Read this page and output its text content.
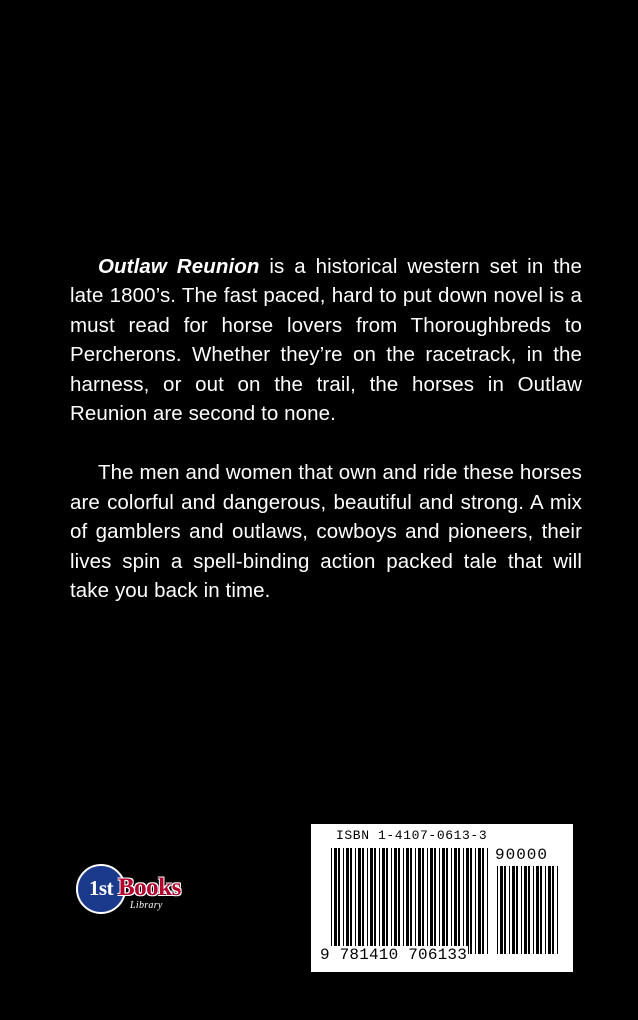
Outlaw Reunion is a historical western set in the late 1800’s. The fast paced, hard to put down novel is a must read for horse lovers from Thoroughbreds to Percherons. Whether they’re on the racetrack, in the harness, or out on the trail, the horses in Outlaw Reunion are second to none.

The men and women that own and ride these horses are colorful and dangerous, beautiful and strong. A mix of gamblers and outlaws, cowboys and pioneers, their lives spin a spell-binding action packed tale that will take you back in time.

1st Books
Library
ISBN 1-4107-0613-3
90000
9 781410 706133
